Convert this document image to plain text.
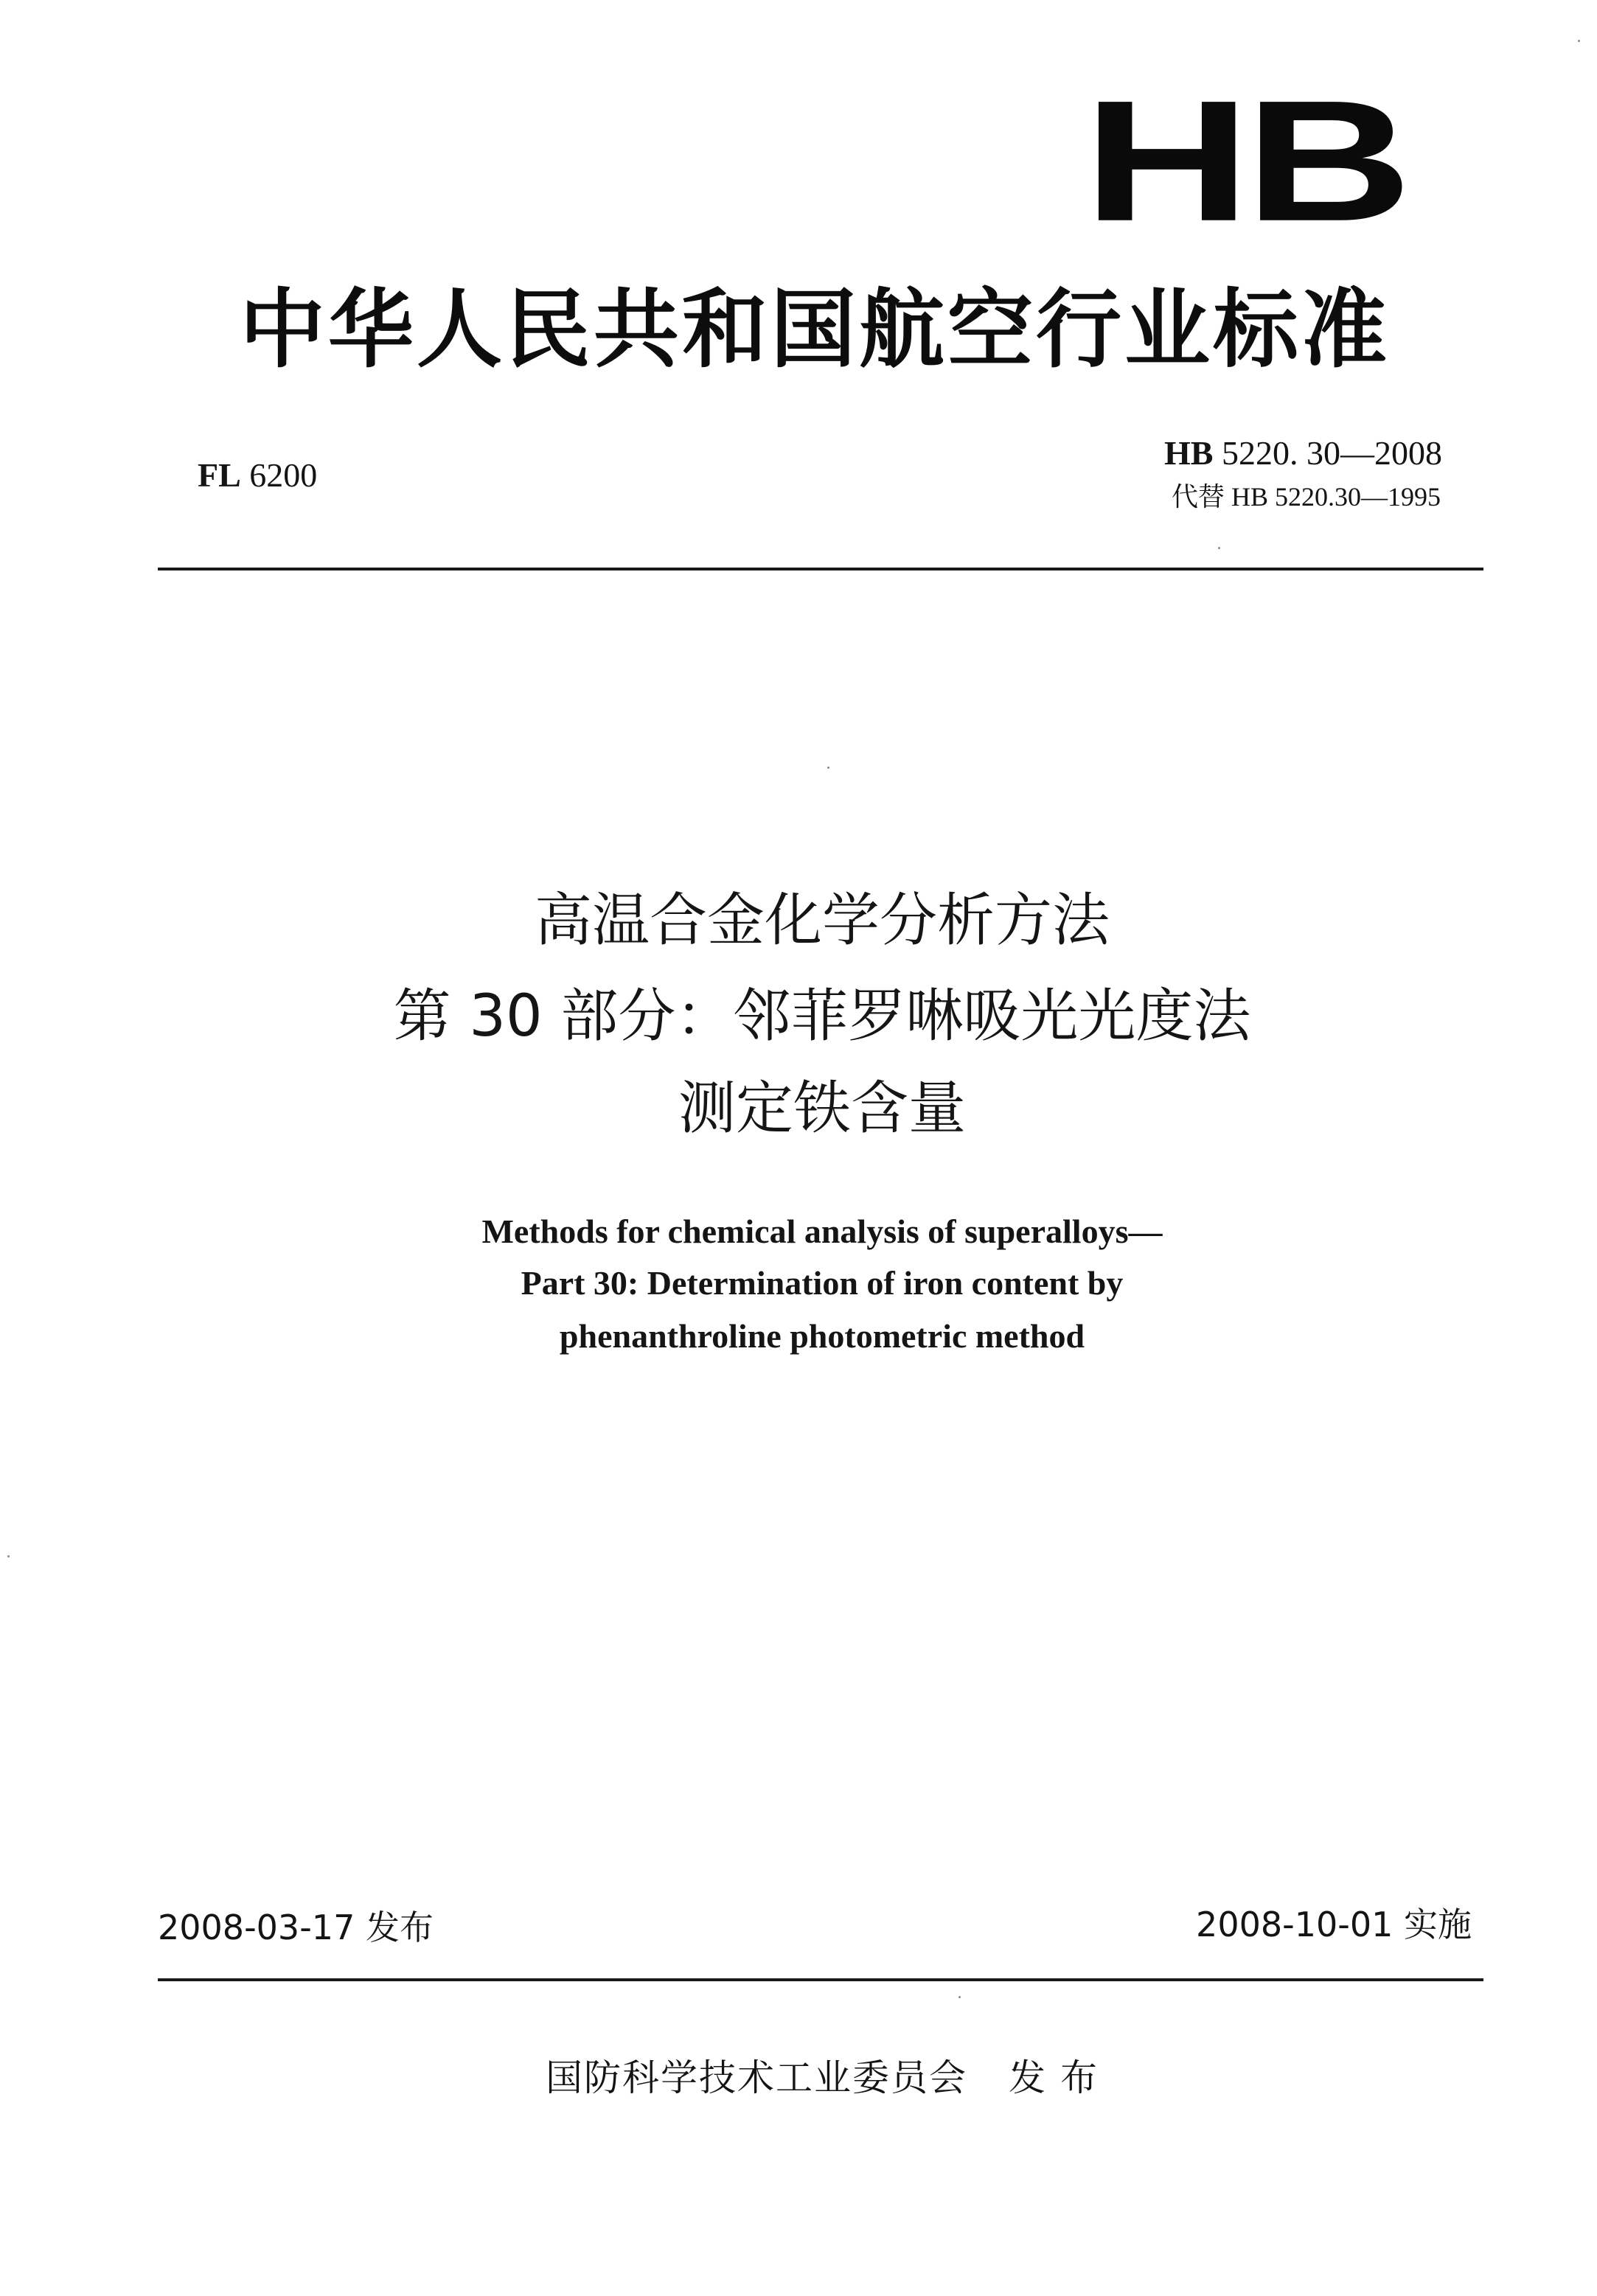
HB
中华人民共和国航空行业标准
FL 6200
HB 5220. 30—2008
代替 HB 5220.30—1995
高温合金化学分析方法
第 30 部分：邻菲罗啉吸光光度法
测定铁含量
Methods for chemical analysis of superalloys—
Part 30: Determination of iron content by
phenanthroline photometric method
2008-03-17 发布	2008-10-01 实施
国防科学技术工业委员会 发 布
